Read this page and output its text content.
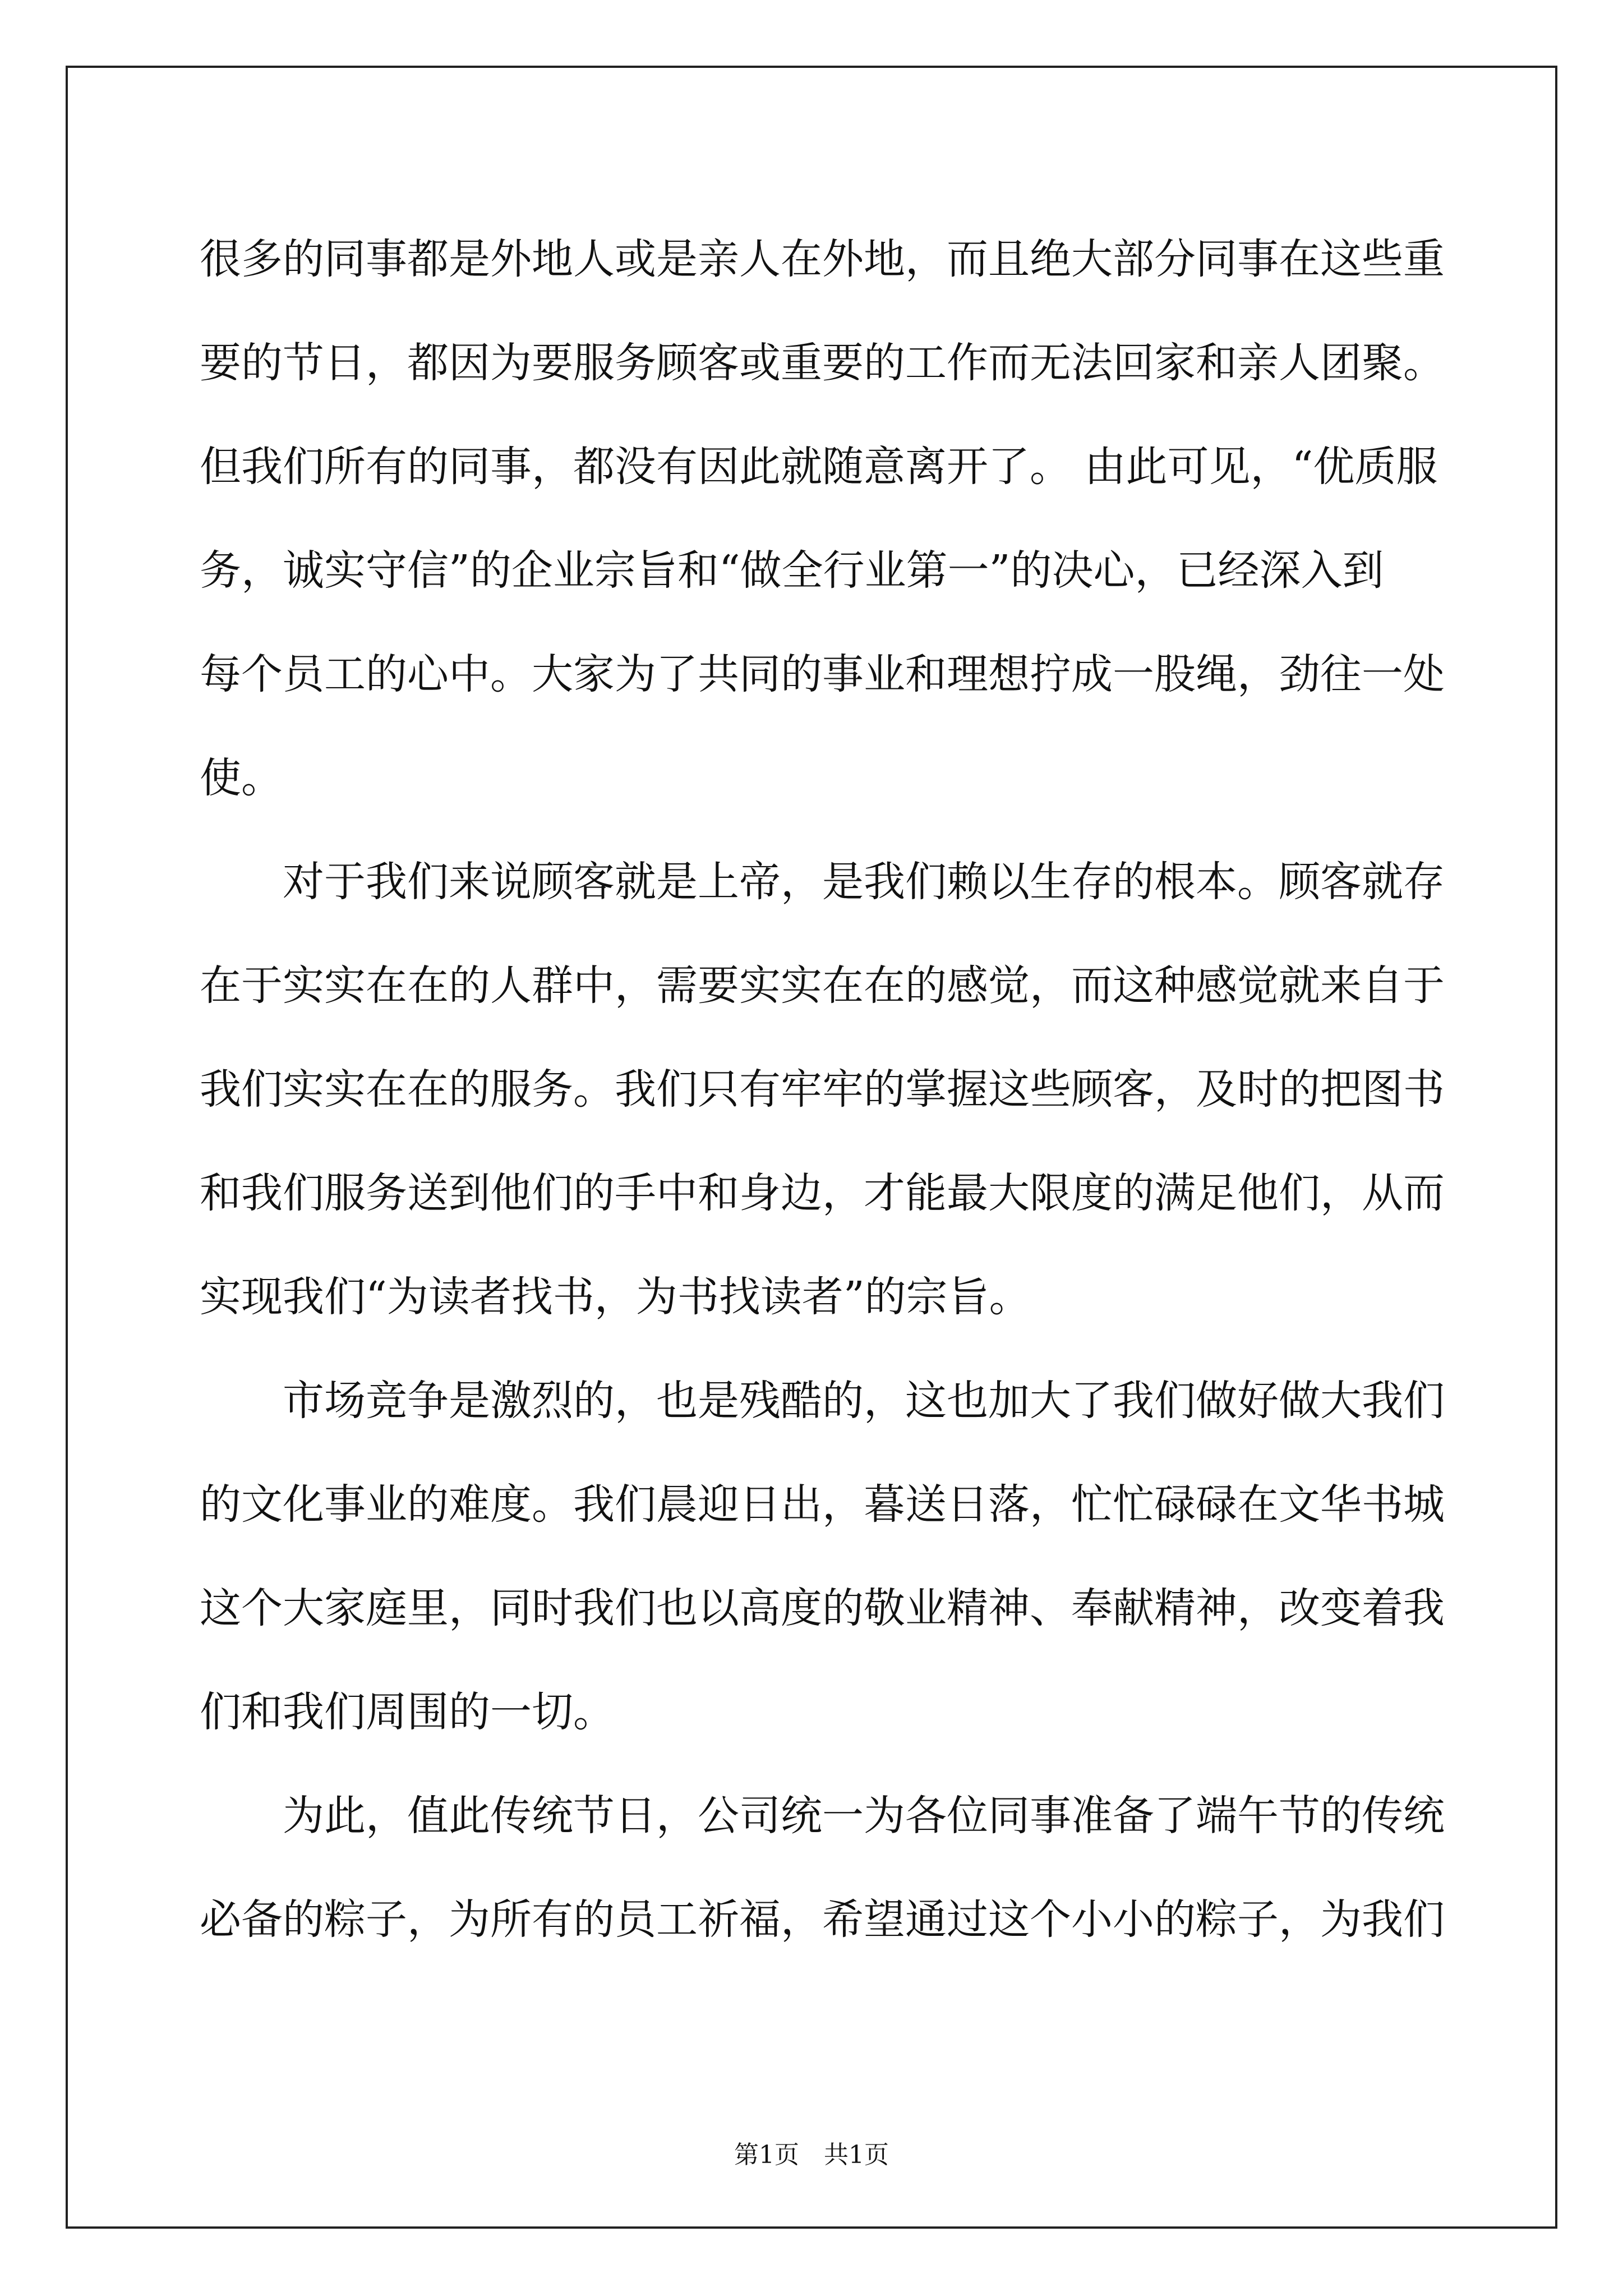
很多的同事都是外地人或是亲人在外地，而且绝大部分同事在这些重
要的节日，都因为要服务顾客或重要的工作而无法回家和亲人团聚。
但我们所有的同事，都没有因此就随意离开了。 由此可见，“优质服
务，诚实守信”的企业宗旨和“做全行业第一”的决心，已经深入到
每个员工的心中。大家为了共同的事业和理想拧成一股绳，劲往一处
使。
对于我们来说顾客就是上帝，是我们赖以生存的根本。顾客就存
在于实实在在的人群中，需要实实在在的感觉，而这种感觉就来自于
我们实实在在的服务。我们只有牢牢的掌握这些顾客，及时的把图书
和我们服务送到他们的手中和身边，才能最大限度的满足他们，从而
实现我们“为读者找书，为书找读者”的宗旨。
市场竞争是激烈的，也是残酷的，这也加大了我们做好做大我们
的文化事业的难度。我们晨迎日出，暮送日落，忙忙碌碌在文华书城
这个大家庭里，同时我们也以高度的敬业精神、奉献精神，改变着我
们和我们周围的一切。
为此，值此传统节日，公司统一为各位同事准备了端午节的传统
必备的粽子，为所有的员工祈福，希望通过这个小小的粽子，为我们
第1页　共1页
